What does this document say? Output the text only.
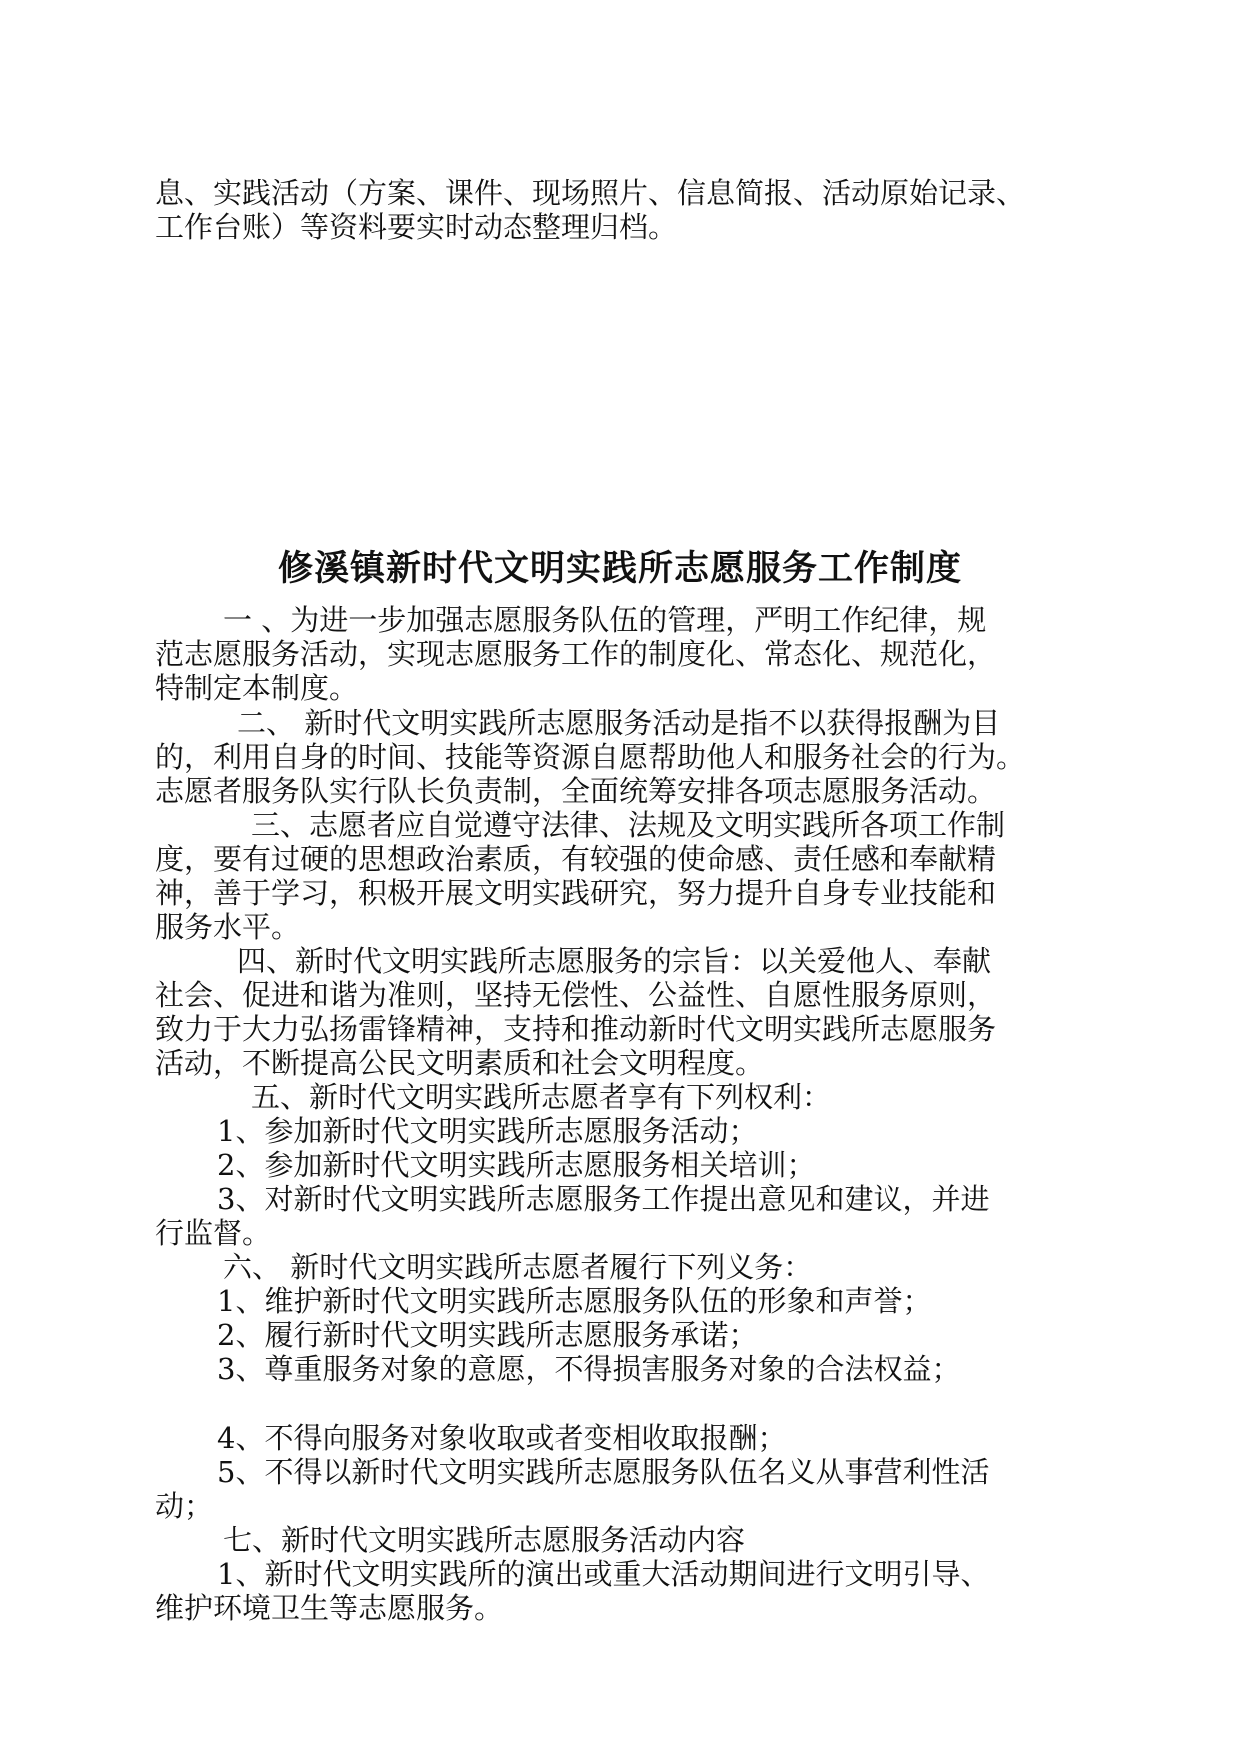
息、实践活动（方案、课件、现场照片、信息简报、活动原始记录、
工作台账）等资料要实时动态整理归档。
修溪镇新时代文明实践所志愿服务工作制度
一 、为进一步加强志愿服务队伍的管理，严明工作纪律，规
范志愿服务活动，实现志愿服务工作的制度化、常态化、规范化，
特制定本制度。
二、 新时代文明实践所志愿服务活动是指不以获得报酬为目
的，利用自身的时间、技能等资源自愿帮助他人和服务社会的行为。
志愿者服务队实行队长负责制，全面统筹安排各项志愿服务活动。
三、志愿者应自觉遵守法律、法规及文明实践所各项工作制
度，要有过硬的思想政治素质，有较强的使命感、责任感和奉献精
神，善于学习，积极开展文明实践研究，努力提升自身专业技能和
服务水平。
四、新时代文明实践所志愿服务的宗旨：以关爱他人、奉献
社会、促进和谐为准则，坚持无偿性、公益性、自愿性服务原则，
致力于大力弘扬雷锋精神，支持和推动新时代文明实践所志愿服务
活动，不断提高公民文明素质和社会文明程度。
五、新时代文明实践所志愿者享有下列权利：
1、参加新时代文明实践所志愿服务活动；
2、参加新时代文明实践所志愿服务相关培训；
3、对新时代文明实践所志愿服务工作提出意见和建议，并进
行监督。
六、 新时代文明实践所志愿者履行下列义务：
1、维护新时代文明实践所志愿服务队伍的形象和声誉；
2、履行新时代文明实践所志愿服务承诺；
3、尊重服务对象的意愿，不得损害服务对象的合法权益；
4、不得向服务对象收取或者变相收取报酬；
5、不得以新时代文明实践所志愿服务队伍名义从事营利性活
动；
七、新时代文明实践所志愿服务活动内容
1、新时代文明实践所的演出或重大活动期间进行文明引导、
维护环境卫生等志愿服务。
